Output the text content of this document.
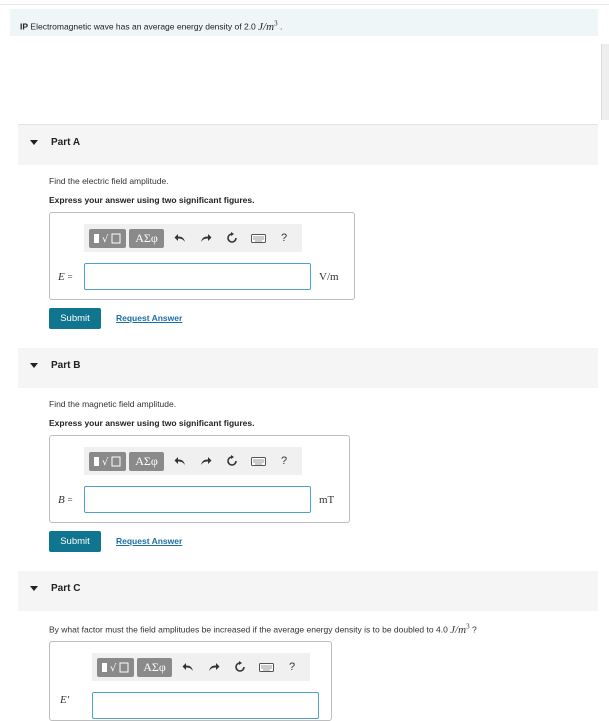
IP Electromagnetic wave has an average energy density of 2.0 $J/m^3$ .
Part A
Find the electric field amplitude.
Express your answer using two significant figures.
√	ΑΣφ	?
E =	V/m
Submit	Request Answer
Part B
Find the magnetic field amplitude.
Express your answer using two significant figures.
√	ΑΣφ	?
B =	mT
Submit	Request Answer
Part C
By what factor must the field amplitudes be increased if the average energy density is to be doubled to 4.0 $J/m^3$ ?
√	ΑΣφ	?
E′
